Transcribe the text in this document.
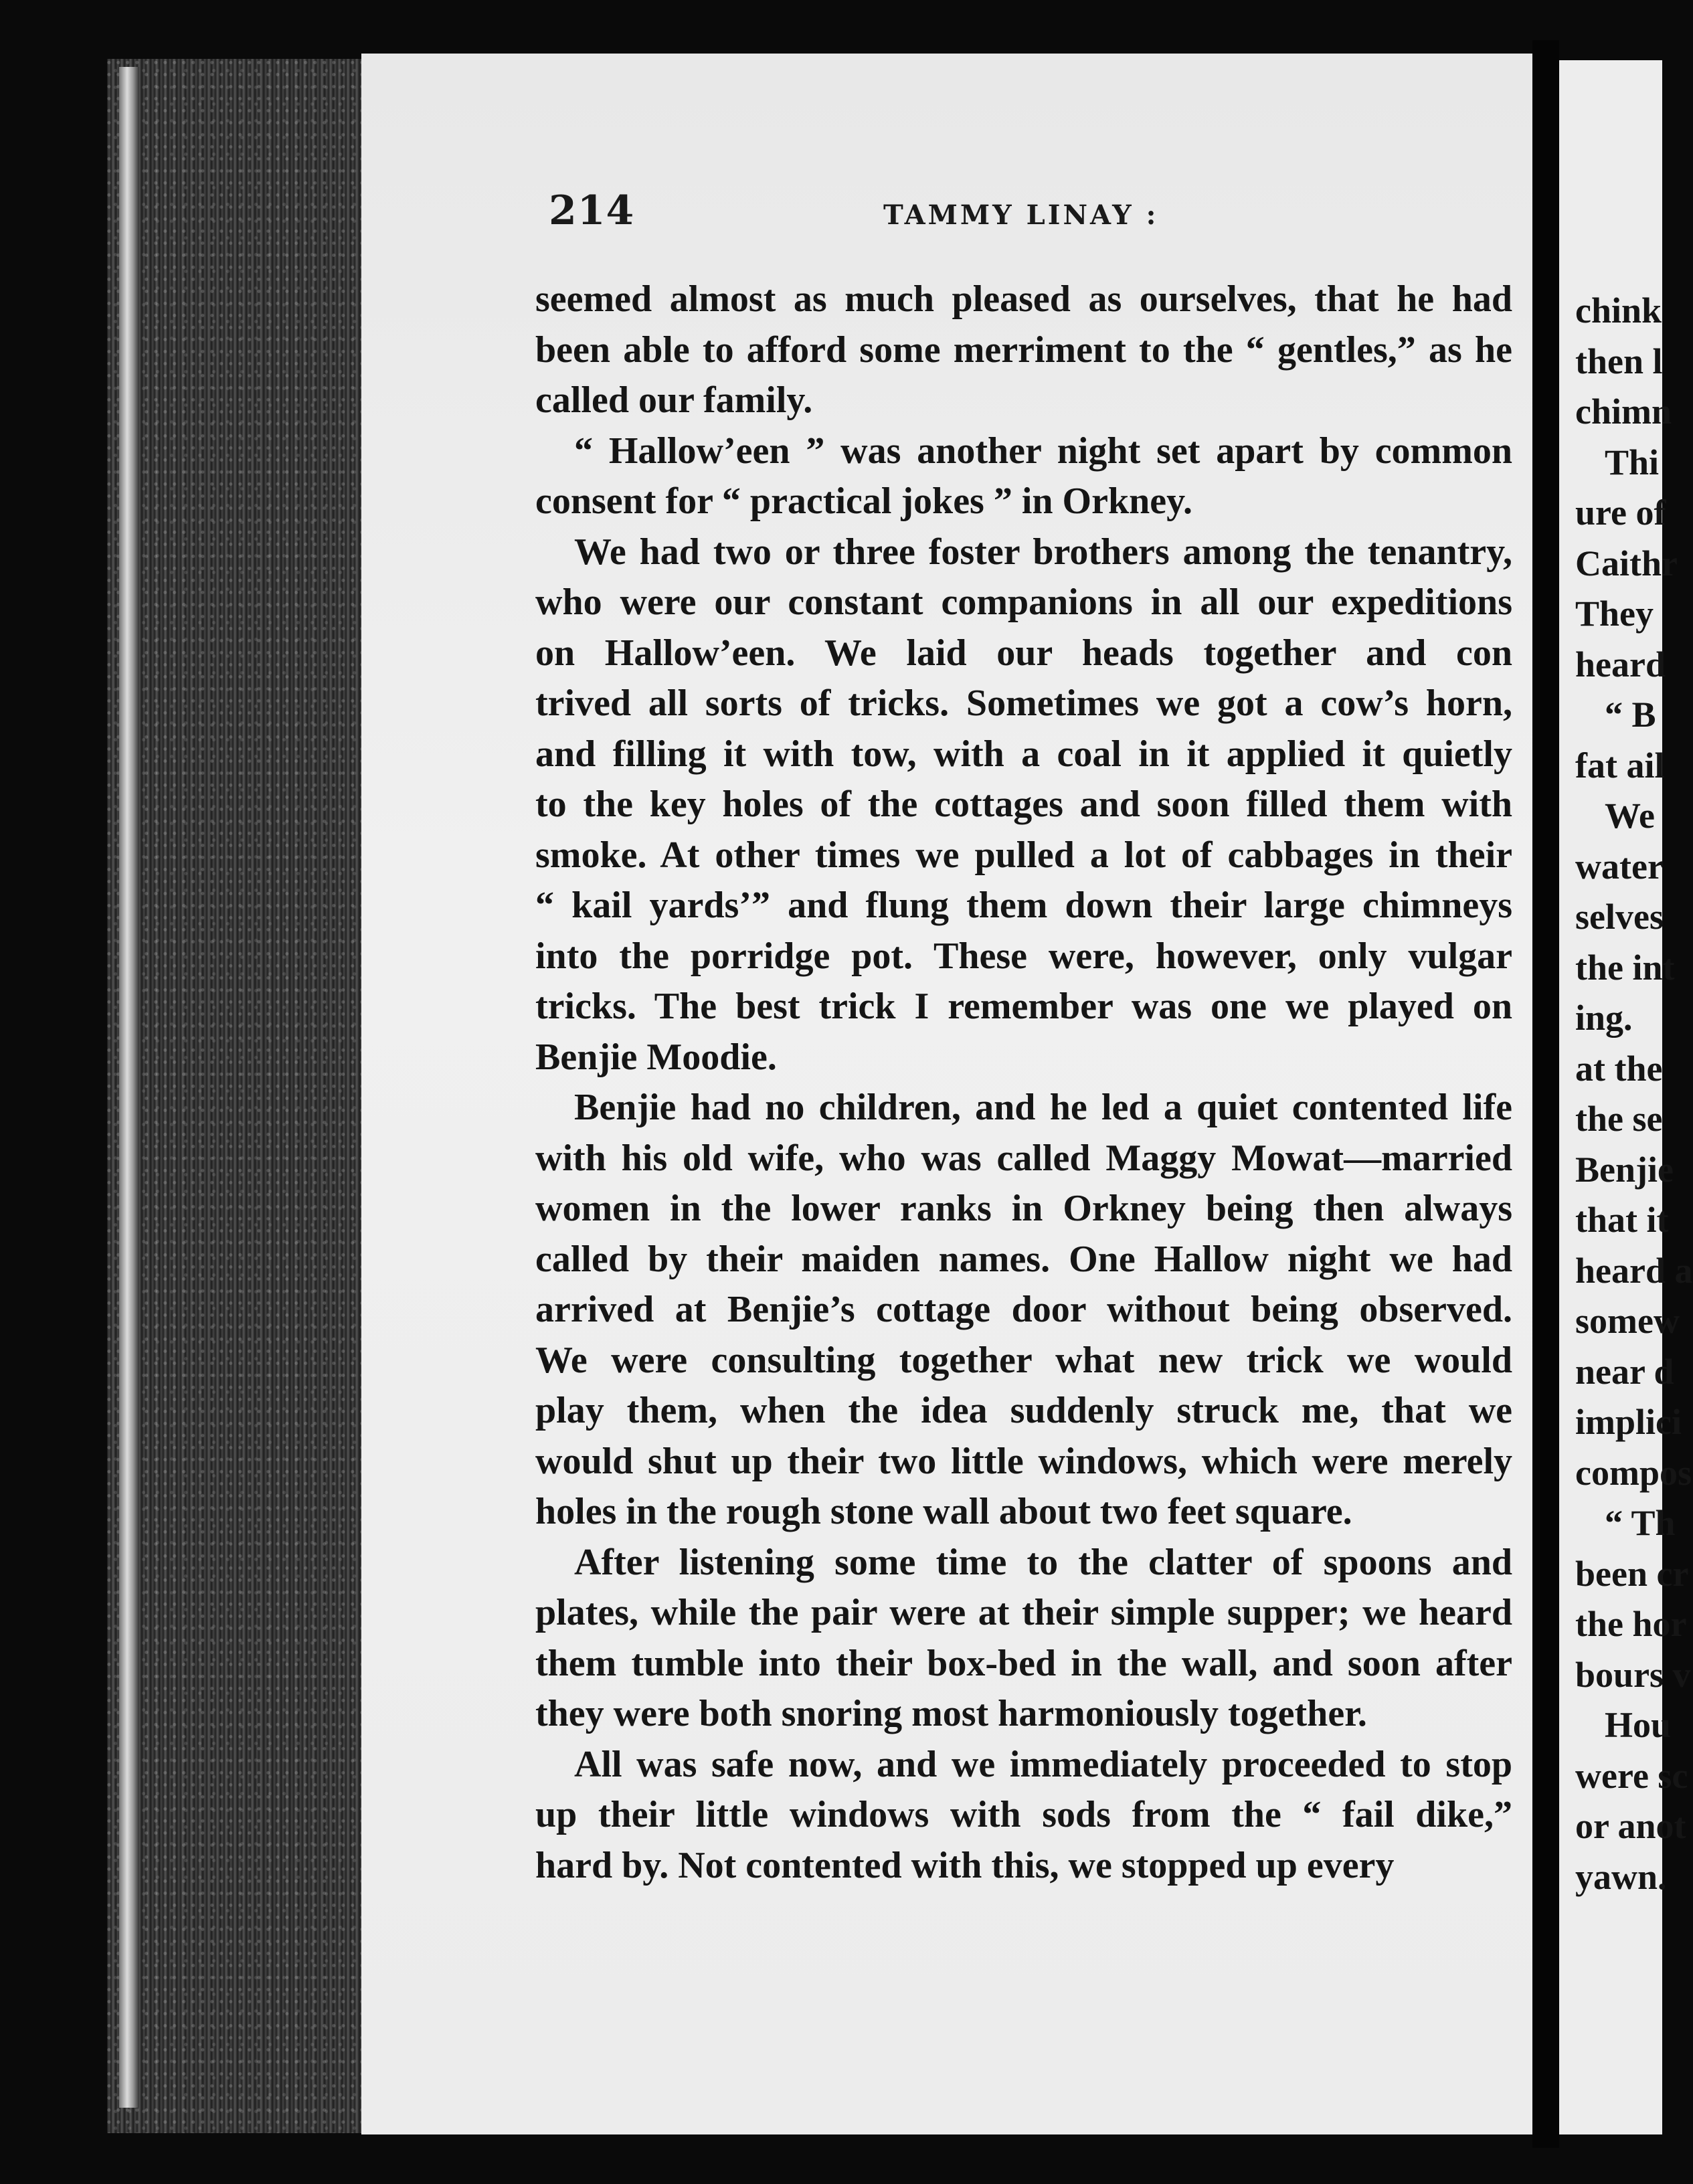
chink
then l
chimn
Thi
ure of
Caithr
They
heard
“ B
fat ail
We
water
selves
the int
ing.
at the
the se
Benjie
that it
heard a
somew
near d
implici
compos
“ Th
been cr
the hor
bours v
Hou
were sc
or anot
yawn.
214	TAMMY LINAY :
seemed almost as much pleased as ourselves, that he had
been able to afford some merriment to the “ gentles,” as he
called our family.
“ Hallow’een ” was another night set apart by common
consent for “ practical jokes ” in Orkney.
We had two or three foster brothers among the tenantry,
who were our constant companions in all our expeditions
on Hallow’een. We laid our heads together and con
trived all sorts of tricks. Sometimes we got a cow’s horn,
and filling it with tow, with a coal in it applied it quietly
to the key holes of the cottages and soon filled them with
smoke. At other times we pulled a lot of cabbages in their
“ kail yards’” and flung them down their large chimneys
into the porridge pot. These were, however, only vulgar
tricks. The best trick I remember was one we played on
Benjie Moodie.
Benjie had no children, and he led a quiet contented life
with his old wife, who was called Maggy Mowat—married
women in the lower ranks in Orkney being then always
called by their maiden names. One Hallow night we had
arrived at Benjie’s cottage door without being observed.
We were consulting together what new trick we would
play them, when the idea suddenly struck me, that we
would shut up their two little windows, which were merely
holes in the rough stone wall about two feet square.
After listening some time to the clatter of spoons and
plates, while the pair were at their simple supper; we heard
them tumble into their box-bed in the wall, and soon after
they were both snoring most harmoniously together.
All was safe now, and we immediately proceeded to stop
up their little windows with sods from the “ fail dike,”
hard by. Not contented with this, we stopped up every
